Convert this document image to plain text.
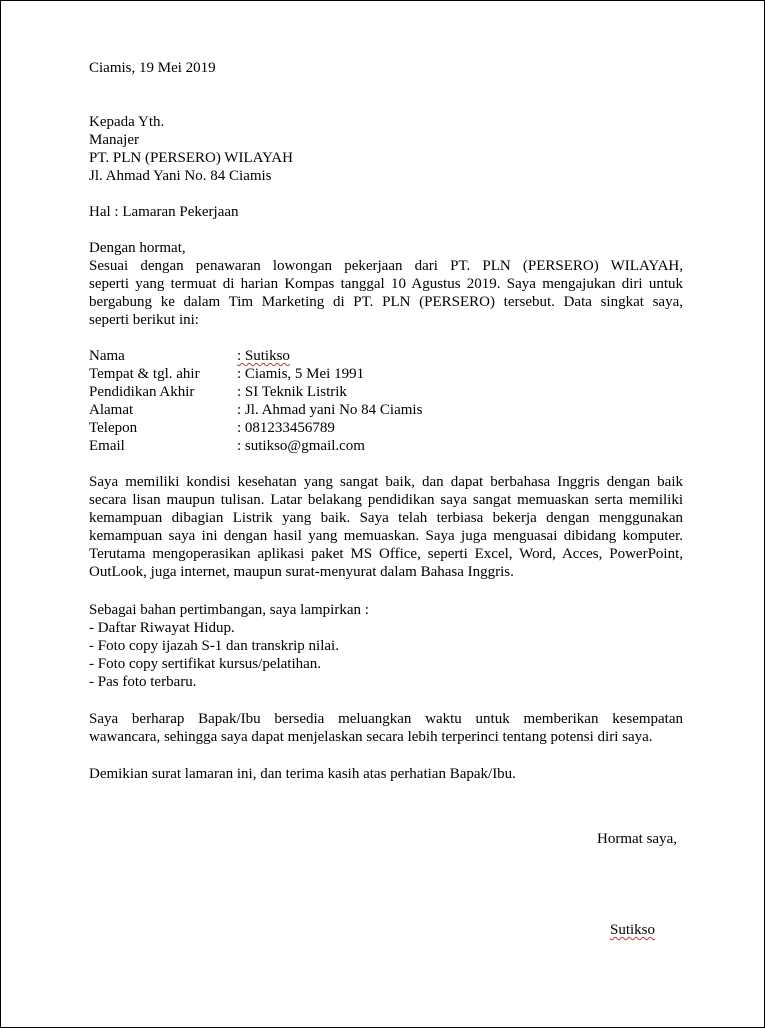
Ciamis, 19 Mei 2019
Kepada Yth.
Manajer
PT. PLN (PERSERO) WILAYAH
Jl. Ahmad Yani No. 84 Ciamis
Hal : Lamaran Pekerjaan
Dengan hormat,
Sesuai dengan penawaran lowongan pekerjaan dari PT. PLN (PERSERO) WILAYAH,
seperti yang termuat di harian Kompas tanggal 10 Agustus 2019. Saya mengajukan diri untuk
bergabung ke dalam Tim Marketing di PT. PLN (PERSERO) tersebut. Data singkat saya,
seperti berikut ini:
Nama	: Sutikso
Tempat & tgl. ahir : Ciamis, 5 Mei 1991
Pendidikan Akhir	: SI Teknik Listrik
Alamat	: Jl. Ahmad yani No 84 Ciamis
Telepon	: 081233456789
Email	: sutikso@gmail.com
Saya memiliki kondisi kesehatan yang sangat baik, dan dapat berbahasa Inggris dengan baik
secara lisan maupun tulisan. Latar belakang pendidikan saya sangat memuaskan serta memiliki
kemampuan dibagian Listrik yang baik. Saya telah terbiasa bekerja dengan menggunakan
kemampuan saya ini dengan hasil yang memuaskan. Saya juga menguasai dibidang komputer.
Terutama mengoperasikan aplikasi paket MS Office, seperti Excel, Word, Acces, PowerPoint,
OutLook, juga internet, maupun surat-menyurat dalam Bahasa Inggris.
Sebagai bahan pertimbangan, saya lampirkan :
- Daftar Riwayat Hidup.
- Foto copy ijazah S-1 dan transkrip nilai.
- Foto copy sertifikat kursus/pelatihan.
- Pas foto terbaru.
Saya berharap Bapak/Ibu bersedia meluangkan waktu untuk memberikan kesempatan
wawancara, sehingga saya dapat menjelaskan secara lebih terperinci tentang potensi diri saya.
Demikian surat lamaran ini, dan terima kasih atas perhatian Bapak/Ibu.
Hormat saya,
Sutikso
